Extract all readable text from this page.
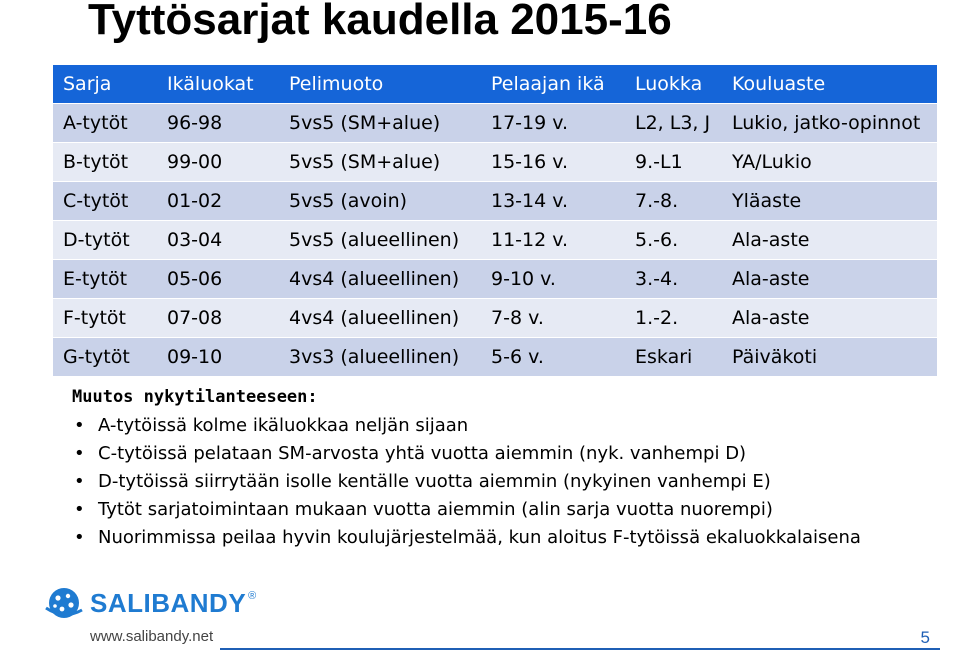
Tyttösarjat kaudella 2015-16
Sarja	Ikäluokat	Pelimuoto	Pelaajan ikä	Luokka	Kouluaste
A-tytöt	96-98	5vs5 (SM+alue)	17-19 v.	L2, L3, J	Lukio, jatko-opinnot
B-tytöt	99-00	5vs5 (SM+alue)	15-16 v.	9.-L1	YA/Lukio
C-tytöt	01-02	5vs5 (avoin)	13-14 v.	7.-8.	Yläaste
D-tytöt	03-04	5vs5 (alueellinen)	11-12 v.	5.-6.	Ala-aste
E-tytöt	05-06	4vs4 (alueellinen)	9-10 v.	3.-4.	Ala-aste
F-tytöt	07-08	4vs4 (alueellinen)	7-8 v.	1.-2.	Ala-aste
G-tytöt	09-10	3vs3 (alueellinen)	5-6 v.	Eskari	Päiväkoti
Muutos nykytilanteeseen:
• A-tytöissä kolme ikäluokkaa neljän sijaan
• C-tytöissä pelataan SM-arvosta yhtä vuotta aiemmin (nyk. vanhempi D)
• D-tytöissä siirrytään isolle kentälle vuotta aiemmin (nykyinen vanhempi E)
• Tytöt sarjatoimintaan mukaan vuotta aiemmin (alin sarja vuotta nuorempi)
• Nuorimmissa peilaa hyvin koulujärjestelmää, kun aloitus F-tytöissä ekaluokkalaisena
SALIBANDY ®
www.salibandy.net	5
